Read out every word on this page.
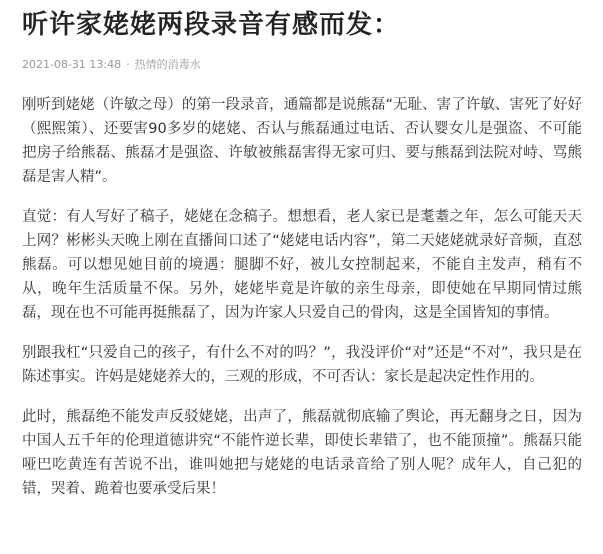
听许家姥姥两段录音有感而发：
2021-08-31 13:48 · 热情的消毒水

刚听到姥姥（许敏之母）的第一段录音，通篇都是说熊磊“无耻、害了许敏、害死了好好（熙熙策）、还要害90多岁的姥姥、否认与熊磊通过电话、否认婴女儿是强盗、不可能把房子给熊磊、熊磊才是强盗、许敏被熊磊害得无家可归、要与熊磊到法院对峙、骂熊磊是害人精”。

直觉：有人写好了稿子，姥姥在念稿子。想想看，老人家已是耄耋之年，怎么可能天天上网？彬彬头天晚上刚在直播间口述了“姥姥电话内容”，第二天姥姥就录好音频，直怼熊磊。可以想见她目前的境遇：腿脚不好，被儿女控制起来，不能自主发声，稍有不从，晚年生活质量不保。另外，姥姥毕竟是许敏的亲生母亲，即使她在早期同情过熊磊，现在也不可能再挺熊磊了，因为许家人只爱自己的骨肉，这是全国皆知的事情。

别跟我杠“只爱自己的孩子，有什么不对的吗？”，我没评价“对”还是“不对”，我只是在陈述事实。许妈是姥姥养大的，三观的形成，不可否认：家长是起决定性作用的。

此时，熊磊绝不能发声反驳姥姥，出声了，熊磊就彻底输了舆论，再无翻身之日，因为中国人五千年的伦理道德讲究“不能忤逆长辈，即使长辈错了，也不能顶撞”。熊磊只能哑巴吃黄连有苦说不出，谁叫她把与姥姥的电话录音给了别人呢？成年人，自己犯的错，哭着、跪着也要承受后果！
